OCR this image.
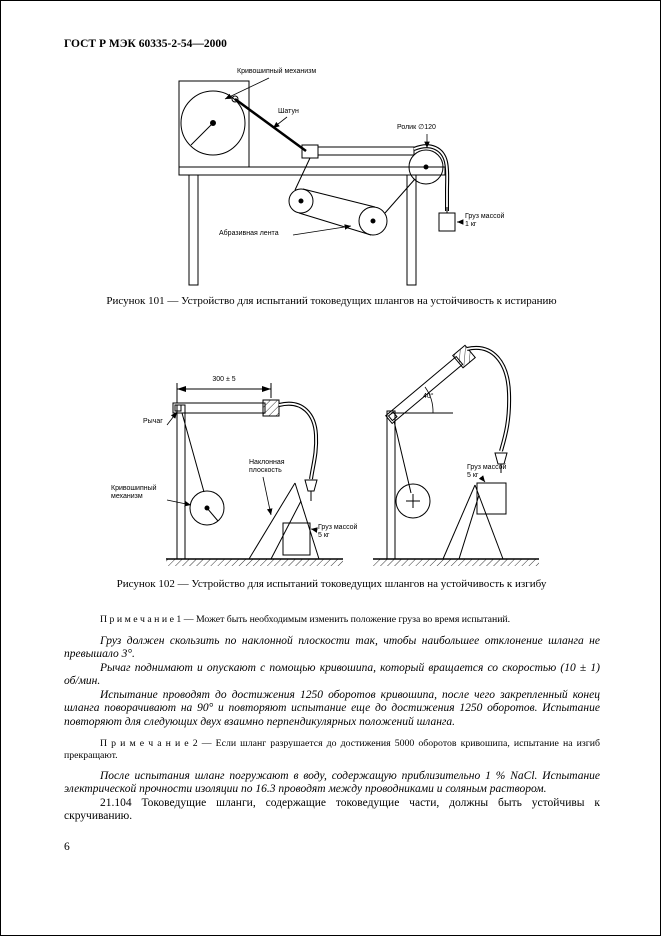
ГОСТ Р МЭК 60335-2-54—2000
Кривошипный механизм
Шатун
Ролик ∅120
Груз массой 1 кг
Абразивная лента
Рисунок 101 — Устройство для испытаний токоведущих шлангов на устойчивость к истиранию
300 ± 5
Рычаг
Кривошипный механизм
Наклонная плоскость
Груз массой 5 кг
40°
Груз массой 5 кг
Рисунок 102 — Устройство для испытаний токоведущих шлангов на устойчивость к изгибу

П р и м е ч а н и е 1 — Может быть необходимым изменить положение груза во время испытаний.

Груз должен скользить по наклонной плоскости так, чтобы наибольшее отклонение шланга не превышало 3°.

Рычаг поднимают и опускают с помощью кривошипа, который вращается со скоростью (10 ± 1) об/мин.

Испытание проводят до достижения 1250 оборотов кривошипа, после чего закрепленный конец шланга поворачивают на 90° и повторяют испытание еще до достижения 1250 оборотов. Испытание повторяют для следующих двух взаимно перпендикулярных положений шланга.

П р и м е ч а н и е 2 — Если шланг разрушается до достижения 5000 оборотов кривошипа, испытание на изгиб прекращают.

После испытания шланг погружают в воду, содержащую приблизительно 1 % NaCl. Испытание электрической прочности изоляции по 16.3 проводят между проводниками и соляным раствором.

21.104 Токоведущие шланги, содержащие токоведущие части, должны быть устойчивы к скручиванию.

6
